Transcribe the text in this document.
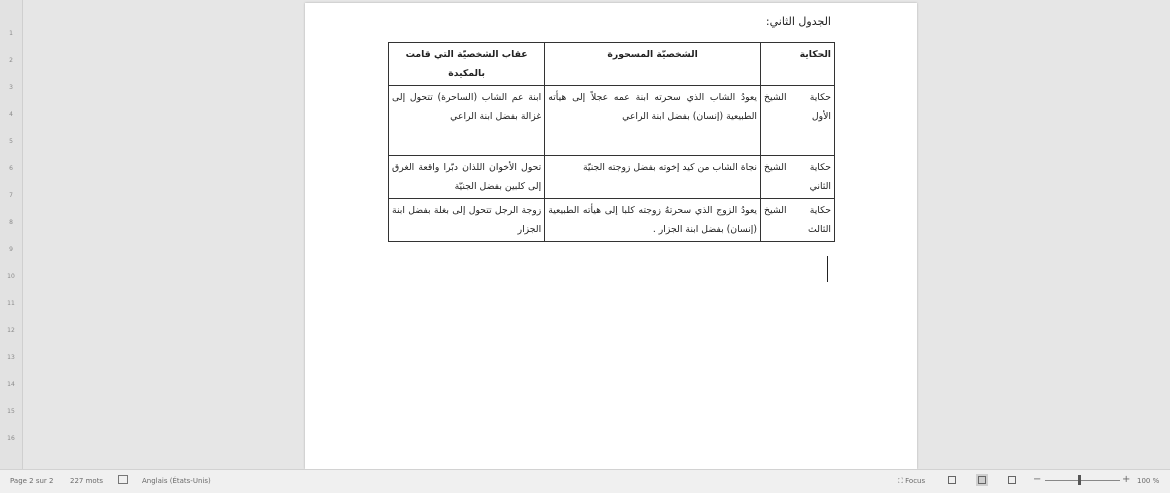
1
2
3
4
5
6
7
8
9
10
11
12
13
14
15
16
الجدول الثاني:
الحكاية	الشخصيّة المسحورة	عقاب الشخصيّة التي قامت بالمكيدة
حكاية الشيخ الأول	يعودُ الشاب الذي سحرته ابنة عمه عجلاً إلى هيأته الطبيعية (إنسان) بفضل ابنة الراعي	ابنة عم الشاب (الساحرة) تتحول إلى غزالة بفضل ابنة الراعي
حكاية الشيخ الثاني	نجاة الشاب من كيد إخوته بفضل زوجته الجنيّة	تحول الأخوان اللذان دبّرا واقعة الغرق إلى كلبين بفضل الجنيّة
حكاية الشيخ الثالث	يعودُ الزوج الذي سحرتهُ زوجته كلبا إلى هيأته الطبيعية (إنسان) بفضل ابنة الجزار .	زوجة الرجل تتحول إلى بغلة بفضل ابنة الجزار
Page 2 sur 2 227 mots	Anglais (États-Unis)	⛶ Focus	−	+ 100 %
